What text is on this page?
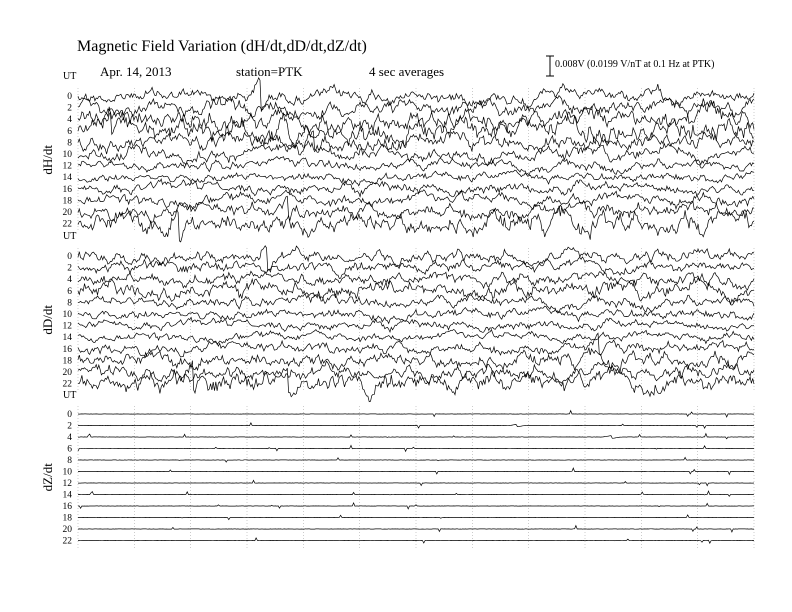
dH/dt
UT
0
2
4
6
8
10
12
14
16
18
20
22
dD/dt
UT
0
2
4
6
8
10
12
14
16
18
20
22
dZ/dt
UT
0
2
4
6
8
10
12
14
16
18
20
22
Magnetic Field Variation (dH/dt,dD/dt,dZ/dt)
Apr. 14, 2013	station=PTK	4 sec averages	0.008V (0.0199 V/nT at 0.1 Hz at PTK)
